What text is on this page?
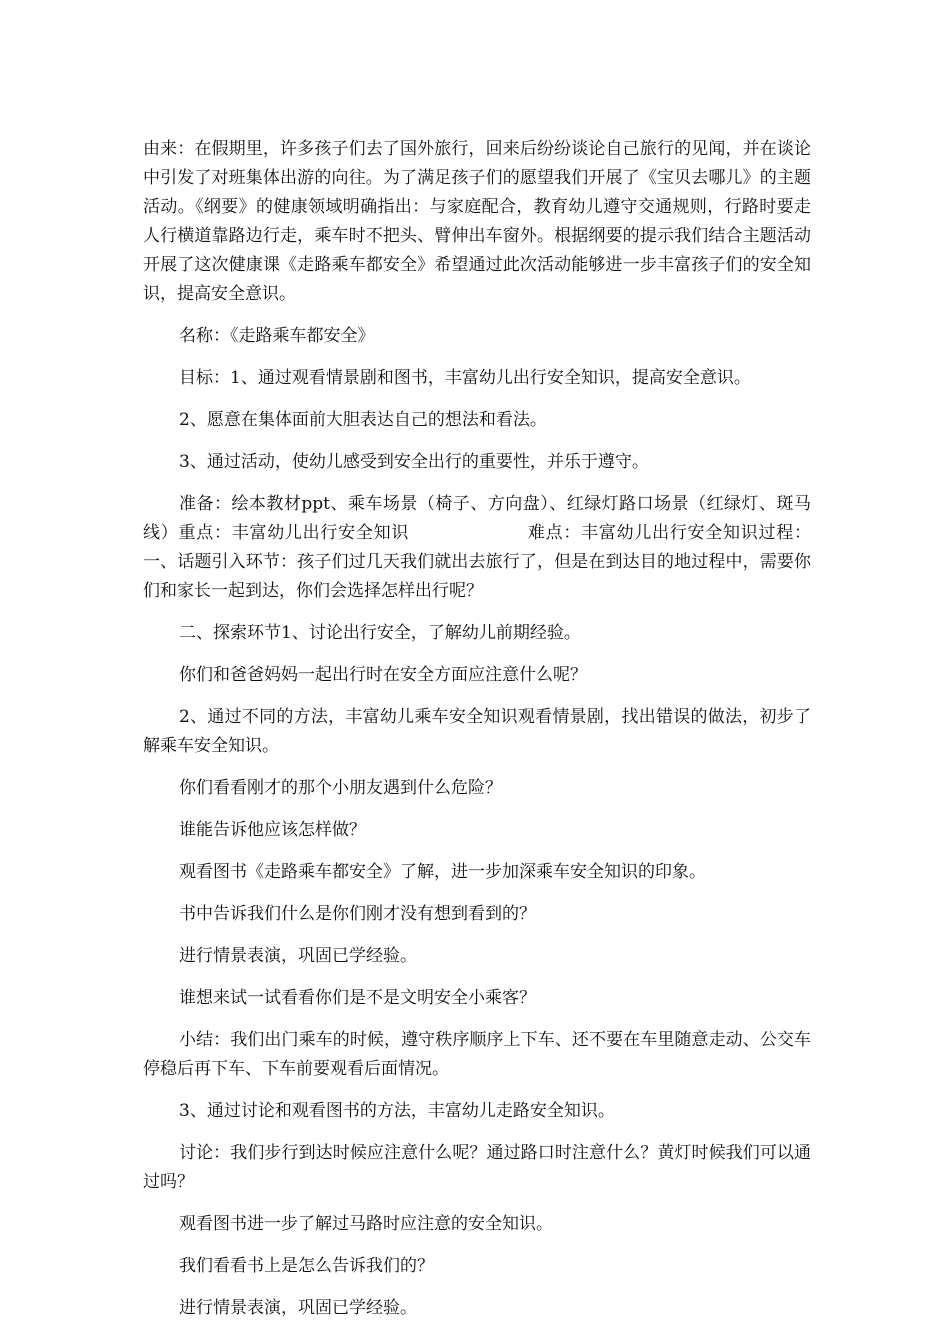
由来：在假期里，许多孩子们去了国外旅行，回来后纷纷谈论自己旅行的见闻，并在谈论中引发了对班集体出游的向往。为了满足孩子们的愿望我们开展了《宝贝去哪儿》的主题活动。《纲要》的健康领域明确指出：与家庭配合，教育幼儿遵守交通规则，行路时要走人行横道靠路边行走，乘车时不把头、臂伸出车窗外。根据纲要的提示我们结合主题活动开展了这次健康课《走路乘车都安全》希望通过此次活动能够进一步丰富孩子们的安全知识，提高安全意识。

名称：《走路乘车都安全》

目标：1、通过观看情景剧和图书，丰富幼儿出行安全知识，提高安全意识。

2、愿意在集体面前大胆表达自己的想法和看法。

3、通过活动，使幼儿感受到安全出行的重要性，并乐于遵守。

准备：绘本教材ppt、乘车场景（椅子、方向盘）、红绿灯路口场景（红绿灯、斑马线）重点：丰富幼儿出行安全知识	难点：丰富幼儿出行安全知识过程：一、话题引入环节：孩子们过几天我们就出去旅行了，但是在到达目的地过程中，需要你们和家长一起到达，你们会选择怎样出行呢？

二、探索环节1、讨论出行安全，了解幼儿前期经验。

你们和爸爸妈妈一起出行时在安全方面应注意什么呢？

2、通过不同的方法，丰富幼儿乘车安全知识观看情景剧，找出错误的做法，初步了解乘车安全知识。

你们看看刚才的那个小朋友遇到什么危险？

谁能告诉他应该怎样做？

观看图书《走路乘车都安全》了解，进一步加深乘车安全知识的印象。

书中告诉我们什么是你们刚才没有想到看到的？

进行情景表演，巩固已学经验。

谁想来试一试看看你们是不是文明安全小乘客？

小结：我们出门乘车的时候，遵守秩序顺序上下车、还不要在车里随意走动、公交车停稳后再下车、下车前要观看后面情况。

3、通过讨论和观看图书的方法，丰富幼儿走路安全知识。

讨论：我们步行到达时候应注意什么呢？通过路口时注意什么？黄灯时候我们可以通过吗？

观看图书进一步了解过马路时应注意的安全知识。

我们看看书上是怎么告诉我们的？

进行情景表演，巩固已学经验。
